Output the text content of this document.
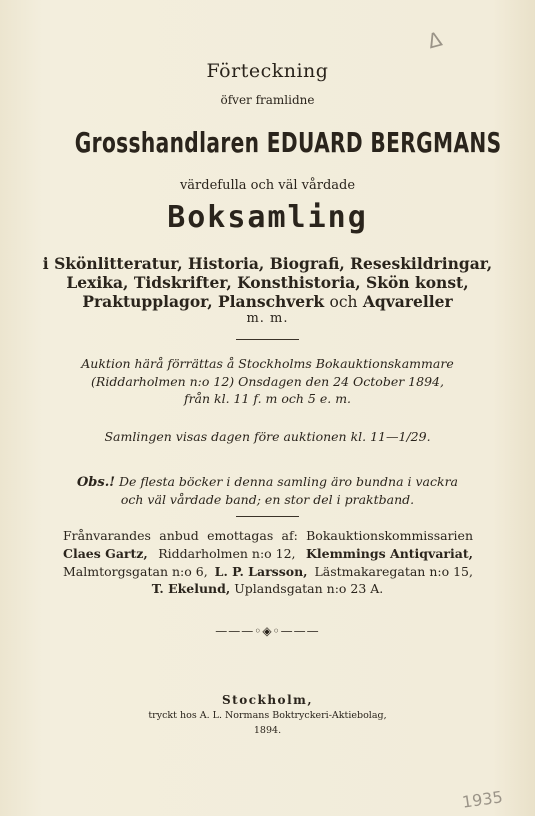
Δ
Förteckning
öfver framlidne
Grosshandlaren EDUARD BERGMANS
värdefulla och väl vårdade
Boksamling
i Skönlitteratur, Historia, Biografi, Reseskildringar,
Lexika, Tidskrifter, Konsthistoria, Skön konst,
Praktupplagor, Planschverk och Aqvareller
m. m.
Auktion härå förrättas å Stockholms Bokauktionskammare
(Riddarholmen n:o 12) Onsdagen den 24 October 1894,
från kl. 11 f. m och 5 e. m.
Samlingen visas dagen före auktionen kl. 11—1/29.
Obs.! De flesta böcker i denna samling äro bundna i vackra
och väl vårdade band; en stor del i praktband.
Frånvarandes anbud emottagas af: Bokauktionskommissarien
Claes Gartz, Riddarholmen n:o 12, Klemmings Antiqvariat,
Malmtorgsgatan n:o 6, L. P. Larsson, Lästmakaregatan n:o 15,
T. Ekelund, Uplandsgatan n:o 23 A.
———◦◈◦———
Stockholm,
tryckt hos A. L. Normans Boktryckeri-Aktiebolag,
1894.
1935
